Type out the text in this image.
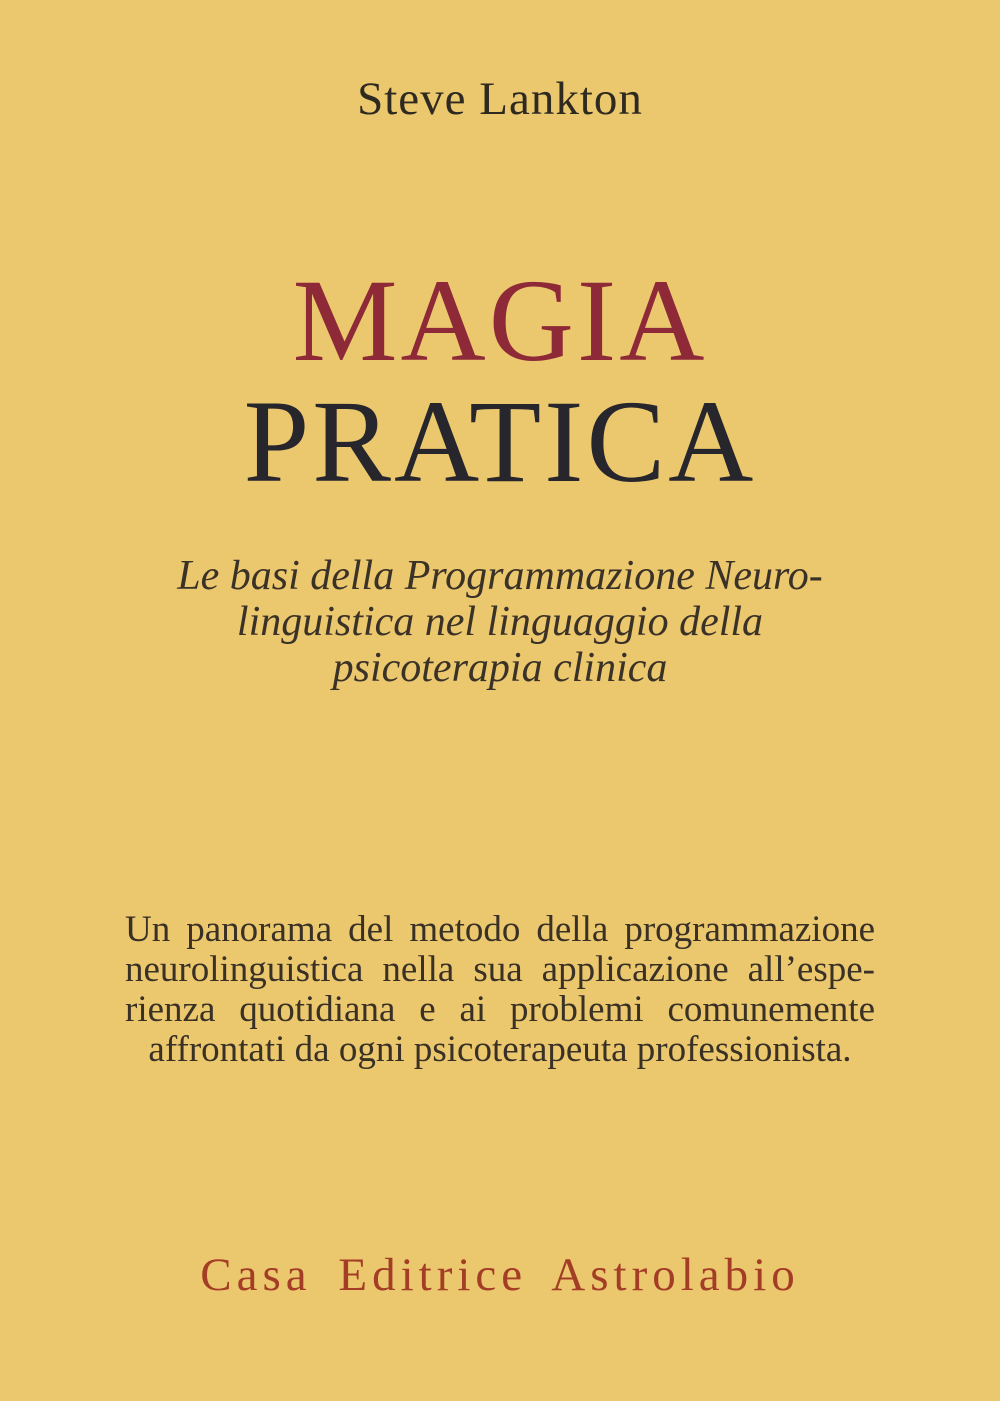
Steve Lankton
MAGIA
PRATICA
Le basi della Programmazione Neuro-
linguistica nel linguaggio della
psicoterapia clinica
Un panorama del metodo della programmazione
neurolinguistica nella sua applicazione all’espe-
rienza quotidiana e ai problemi comunemente
affrontati da ogni psicoterapeuta professionista.
Casa Editrice Astrolabio
